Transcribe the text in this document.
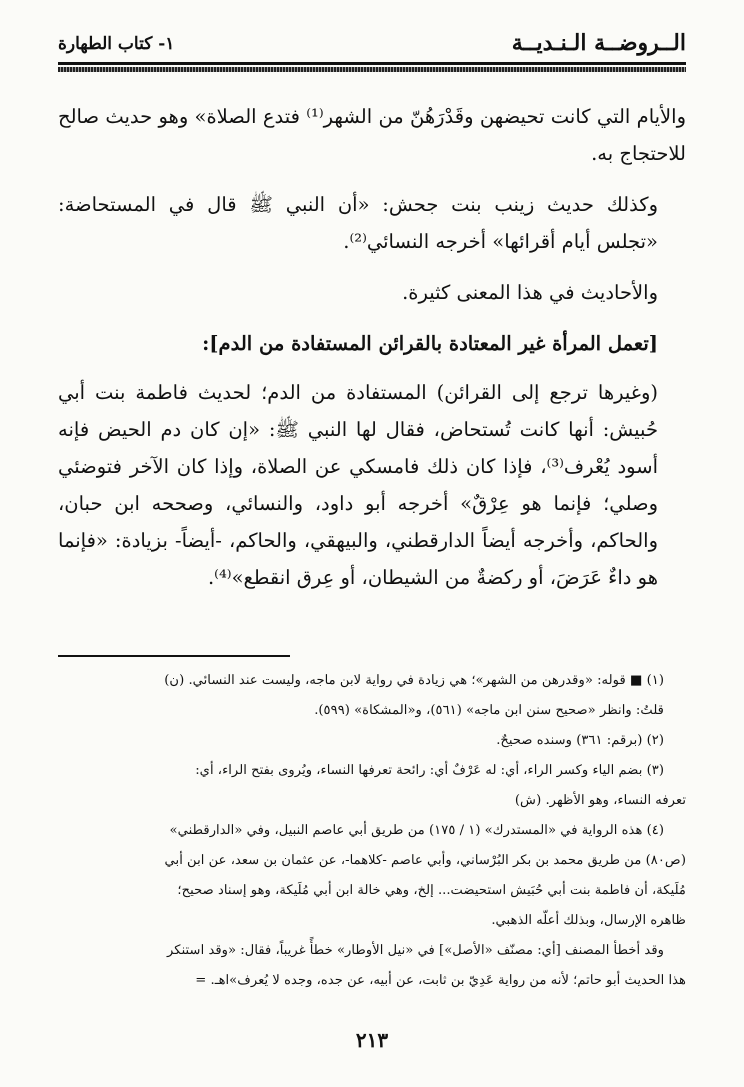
الــروضــة الـنـديــة
١- كتاب الطهارة

والأيام التي كانت تحيضهن وقَدْرَهُنّ من الشهر⁽¹⁾ فتدع الصلاة» وهو حديث صالح للاحتجاج به.

وكذلك حديث زينب بنت جحش: «أن النبي ﷺ قال في المستحاضة: «تجلس أيام أقرائها» أخرجه النسائي⁽²⁾.

والأحاديث في هذا المعنى كثيرة.

[تعمل المرأة غير المعتادة بالقرائن المستفادة من الدم]:

(وغيرها ترجع إلى القرائن) المستفادة من الدم؛ لحديث فاطمة بنت أبي حُبيش: أنها كانت تُستحاض، فقال لها النبي ﷺ: «إن كان دم الحيض فإنه أسود يُعْرف⁽³⁾، فإذا كان ذلك فامسكي عن الصلاة، وإذا كان الآخر فتوضئي وصلي؛ فإنما هو عِرْقٌ» أخرجه أبو داود، والنسائي، وصححه ابن حبان، والحاكم، وأخرجه أيضاً الدارقطني، والبيهقي، والحاكم، -أيضاً- بزيادة: «فإنما هو داءٌ عَرَضَ، أو ركضةٌ من الشيطان، أو عِرق انقطع»⁽⁴⁾.

(١) ■ قوله: «وقدرهن من الشهر»؛ هي زيادة في رواية لابن ماجه، وليست عند النسائي. (ن)

قلتُ: وانظر «صحيح سنن ابن ماجه» (٥٦١)، و«المشكاة» (٥٩٩).

(٢) (برقم: ٣٦١) وسنده صحيحٌ.

(٣) بضم الياء وكسر الراء، أي: له عَرْفٌ أي: رائحة تعرفها النساء، ويُروى بفتح الراء، أي:

تعرفه النساء، وهو الأظهر. (ش)

(٤) هذه الرواية في «المستدرك» (١ / ١٧٥) من طريق أبي عاصم النبيل، وفي «الدارقطني»

(ص٨٠) من طريق محمد بن بكر البُرْساني، وأبي عاصم -كلاهما-، عن عثمان بن سعد، عن ابن أبي

مُلَيكة، أن فاطمة بنت أبي حُبَيش استحيضت... إلخ، وهي خالة ابن أبي مُلَيكة، وهو إسناد صحيح؛

ظاهره الإرسال، وبذلك أعلّه الذهبي.

وقد أخطأ المصنف [أي: مصنّف «الأصل»] في «نيل الأوطار» خطأً غريباً، فقال: «وقد استنكر

هذا الحديث أبو حاتم؛ لأنه من رواية عَدِيّ بن ثابت، عن أبيه، عن جده، وجده لا يُعرف»اهـ. =

٢١٣
